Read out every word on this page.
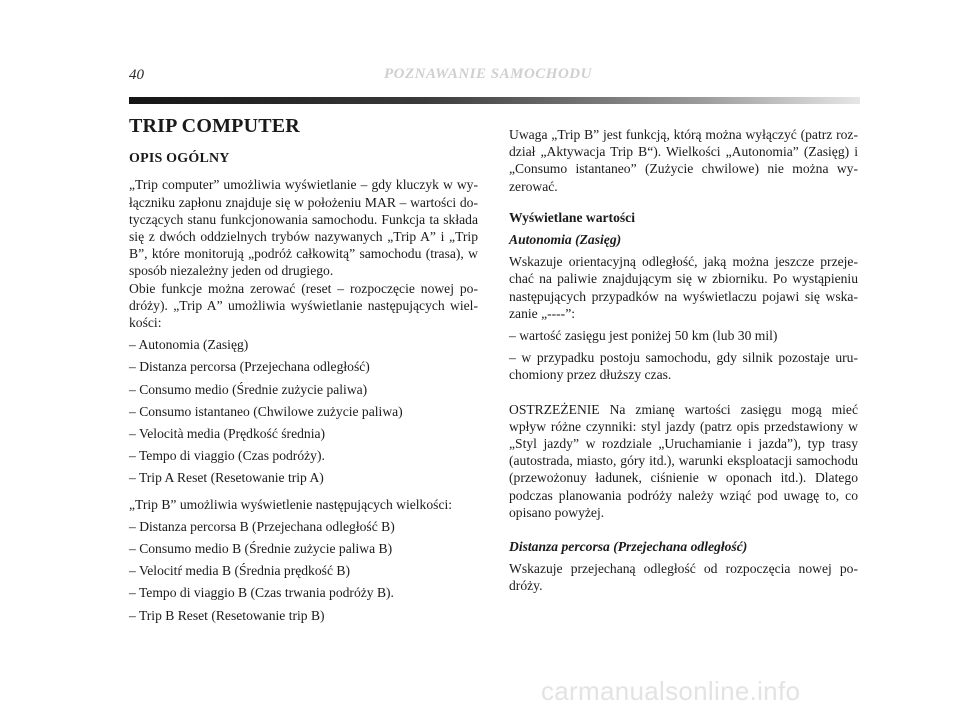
40	POZNAWANIE SAMOCHODU
TRIP COMPUTER
OPIS OGÓLNY

„Trip computer” umożliwia wyświetlanie – gdy kluczyk w wyłączniku zapłonu znajduje się w położeniu MAR – wartości dotyczących stanu funkcjonowania samochodu. Funkcja ta składa się z dwóch oddzielnych trybów nazywanych „Trip A” i „Trip B”, które monitorują „podróż całkowitą” samochodu (trasa), w sposób niezależny jeden od drugiego.

Obie funkcje można zerować (reset – rozpoczęcie nowej podróży). „Trip A” umożliwia wyświetlanie następujących wielkości:

– Autonomia (Zasięg)
– Distanza percorsa (Przejechana odległość)
– Consumo medio (Średnie zużycie paliwa)
– Consumo istantaneo (Chwilowe zużycie paliwa)
– Velocità media (Prędkość średnia)
– Tempo di viaggio (Czas podróży).
– Trip A Reset (Resetowanie trip A)

„Trip B” umożliwia wyświetlenie następujących wielkości:

– Distanza percorsa B (Przejechana odległość B)
– Consumo medio B (Średnie zużycie paliwa B)
– Velocitŕ media B (Średnia prędkość B)
– Tempo di viaggio B (Czas trwania podróży B).
– Trip B Reset (Resetowanie trip B)

Uwaga „Trip B” jest funkcją, którą można wyłączyć (patrz rozdział „Aktywacja Trip B“). Wielkości „Autonomia” (Zasięg) i „Consumo istantaneo” (Zużycie chwilowe) nie można wyzerować.

Wyświetlane wartości

Autonomia (Zasięg)

Wskazuje orientacyjną odległość, jaką można jeszcze przejechać na paliwie znajdującym się w zbiorniku. Po wystąpieniu następujących przypadków na wyświetlaczu pojawi się wskazanie „----”:

– wartość zasięgu jest poniżej 50 km (lub 30 mil)

– w przypadku postoju samochodu, gdy silnik pozostaje uruchomiony przez dłuższy czas.

OSTRZEŻENIE Na zmianę wartości zasięgu mogą mieć wpływ różne czynniki: styl jazdy (patrz opis przedstawiony w „Styl jazdy” w rozdziale „Uruchamianie i jazda”), typ trasy (autostrada, miasto, góry itd.), warunki eksploatacji samochodu (przewożonuy ładunek, ciśnienie w oponach itd.). Dlatego podczas planowania podróży należy wziąć pod uwagę to, co opisano powyżej.

Distanza percorsa (Przejechana odległość)

Wskazuje przejechaną odległość od rozpoczęcia nowej podróży.

carmanualsonline.info
